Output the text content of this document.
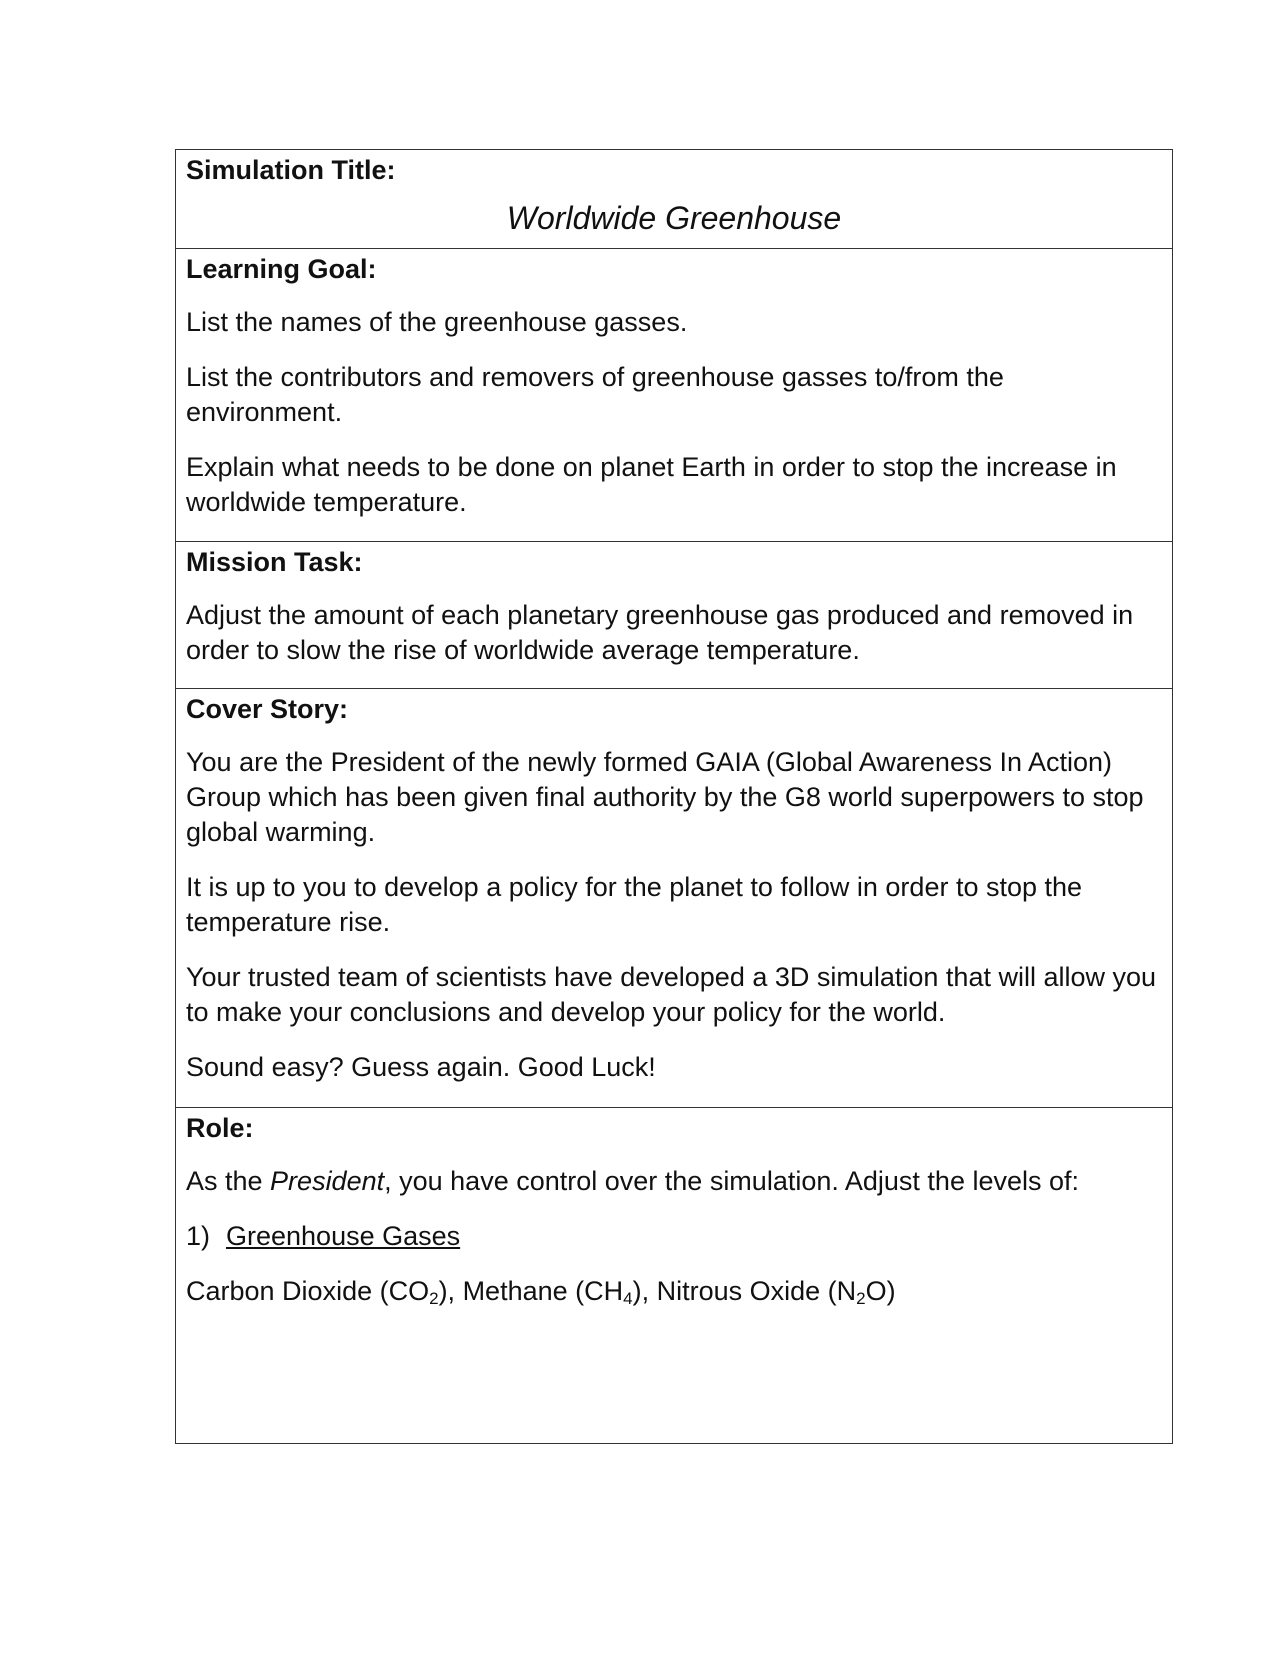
Simulation Title:

Worldwide Greenhouse

Learning Goal:

List the names of the greenhouse gasses.

List the contributors and removers of greenhouse gasses to/from the environment.

Explain what needs to be done on planet Earth in order to stop the increase in worldwide temperature.

Mission Task:

Adjust the amount of each planetary greenhouse gas produced and removed in order to slow the rise of worldwide average temperature.

Cover Story:

You are the President of the newly formed GAIA (Global Awareness In Action) Group which has been given final authority by the G8 world superpowers to stop global warming.

It is up to you to develop a policy for the planet to follow in order to stop the temperature rise.

Your trusted team of scientists have developed a 3D simulation that will allow you to make your conclusions and develop your policy for the world.

Sound easy? Guess again. Good Luck!

Role:

As the President, you have control over the simulation. Adjust the levels of:

1) Greenhouse Gases

Carbon Dioxide $(CO_2)$, Methane $(CH_4)$, Nitrous Oxide $(N_2O)$
